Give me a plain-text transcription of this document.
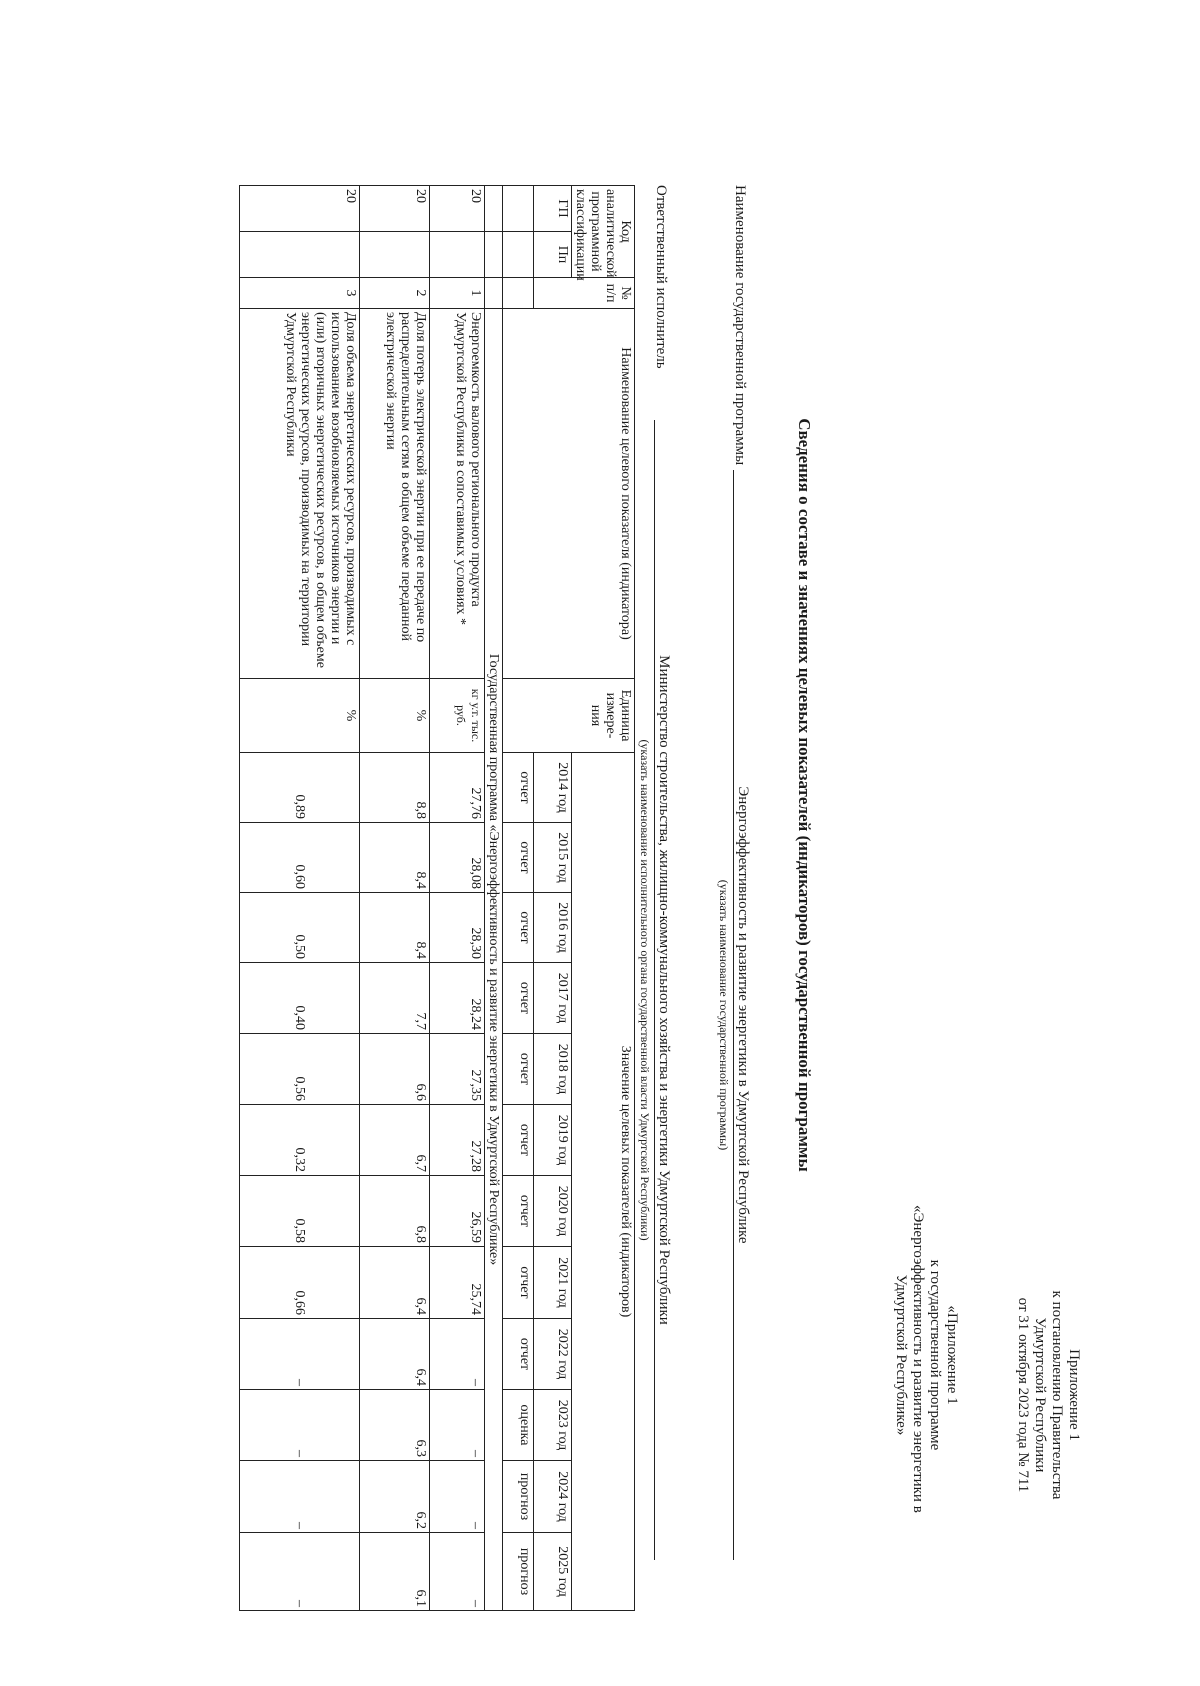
Приложение 1
к постановлению Правительства
Удмуртской Республики
от 31 октября 2023 года № 711
«Приложение 1
к государственной программе
«Энергоэффективность и развитие энергетики в
Удмуртской Республике»
Сведения о составе и значениях целевых показателей (индикаторов) государственной программы
Наименование государственной программы
Энергоэффективность и развитие энергетики в Удмуртской Республике
(указать наименование государственной программы)
Ответственный исполнитель
Министерство строительства, жилищно-коммунального хозяйства и энергетики Удмуртской Республики
(указать наименование исполнительного органа государственной власти Удмуртской Республики)
Код аналитической программной классификации		№ п/п	Наименование целевого показателя (индикатора)	Единица измере-ния	Значение целевых показателей (индикаторов)											
ГП	Пп				2014 год	2015 год	2016 год	2017 год	2018 год	2019 год	2020 год	2021 год	2022 год	2023 год	2024 год	2025 год
					отчет	отчет	отчет	отчет	отчет	отчет	отчет	отчет	отчет	оценка	прогноз	прогноз
			Государственная программа «Энергоэффективность и развитие энергетики в Удмуртской Республике»													
20		1	Энергоемкость валового регионального продукта Удмуртской Республики в сопоставимых условиях *	кг у.т. тыс. руб.	27,76	28,08	28,30	28,24	27,35	27,28	26,59	25,74	–	–	–	–
20		2	Доля потерь электрической энергии при ее передаче по распределительным сетям в общем объеме переданной электрической энергии	%	8,8	8,4	8,4	7,7	6,6	6,7	6,8	6,4	6,4	6,3	6,2	6,1
20		3	Доля объема энергетических ресурсов, производимых с использованием возобновляемых источников энергии и (или) вторичных энергетических ресурсов, в общем объеме энергетических ресурсов, производимых на территории Удмуртской Республики	%	0,89	0,60	0,50	0,40	0,56	0,32	0,58	0,66	–	–	–	–
